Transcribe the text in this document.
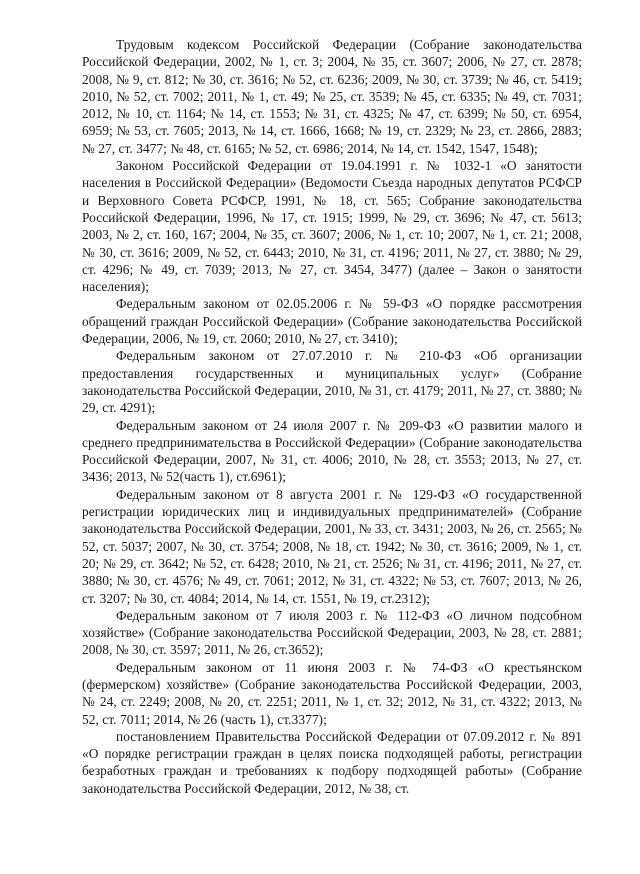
Трудовым кодексом Российской Федерации (Собрание законодательства Российской Федерации, 2002, № 1, ст. 3; 2004, № 35, ст. 3607; 2006, № 27, ст. 2878; 2008, № 9, ст. 812; № 30, ст. 3616; № 52, ст. 6236; 2009, № 30, ст. 3739; № 46, ст. 5419; 2010, № 52, ст. 7002; 2011, № 1, ст. 49; № 25, ст. 3539; № 45, ст. 6335; № 49, ст. 7031; 2012, № 10, ст. 1164; № 14, ст. 1553; № 31, ст. 4325; № 47, ст. 6399; № 50, ст. 6954, 6959; № 53, ст. 7605; 2013, № 14, ст. 1666, 1668; № 19, ст. 2329; № 23, ст. 2866, 2883; № 27, ст. 3477; № 48, ст. 6165; № 52, ст. 6986; 2014, № 14, ст. 1542, 1547, 1548);

Законом Российской Федерации от 19.04.1991 г. № 1032-1 «О занятости населения в Российской Федерации» (Ведомости Съезда народных депутатов РСФСР и Верховного Совета РСФСР, 1991, № 18, ст. 565; Собрание законодательства Российской Федерации, 1996, № 17, ст. 1915; 1999, № 29, ст. 3696; № 47, ст. 5613; 2003, № 2, ст. 160, 167; 2004, № 35, ст. 3607; 2006, № 1, ст. 10; 2007, № 1, ст. 21; 2008, № 30, ст. 3616; 2009, № 52, ст. 6443; 2010, № 31, ст. 4196; 2011, № 27, ст. 3880; № 29, ст. 4296; № 49, ст. 7039; 2013, № 27, ст. 3454, 3477) (далее – Закон о занятости населения);

Федеральным законом от 02.05.2006 г. № 59-ФЗ «О порядке рассмотрения обращений граждан Российской Федерации» (Собрание законодательства Российской Федерации, 2006, № 19, ст. 2060; 2010, № 27, ст. 3410);

Федеральным законом от 27.07.2010 г. № 210-ФЗ «Об организации предоставления государственных и муниципальных услуг» (Собрание законодательства Российской Федерации, 2010, № 31, ст. 4179; 2011, № 27, ст. 3880; № 29, ст. 4291);

Федеральным законом от 24 июля 2007 г. № 209-ФЗ «О развитии малого и среднего предпринимательства в Российской Федерации» (Собрание законодательства Российской Федерации, 2007, № 31, ст. 4006; 2010, № 28, ст. 3553; 2013, № 27, ст. 3436; 2013, № 52(часть 1), ст.6961);

Федеральным законом от 8 августа 2001 г. № 129-ФЗ «О государственной регистрации юридических лиц и индивидуальных предпринимателей» (Собрание законодательства Российской Федерации, 2001, № 33, ст. 3431; 2003, № 26, ст. 2565; № 52, ст. 5037; 2007, № 30, ст. 3754; 2008, № 18, ст. 1942; № 30, ст. 3616; 2009, № 1, ст. 20; № 29, ст. 3642; № 52, ст. 6428; 2010, № 21, ст. 2526; № 31, ст. 4196; 2011, № 27, ст. 3880; № 30, ст. 4576; № 49, ст. 7061; 2012, № 31, ст. 4322; № 53, ст. 7607; 2013, № 26, ст. 3207; № 30, ст. 4084; 2014, № 14, ст. 1551, № 19, ст.2312);

Федеральным законом от 7 июля 2003 г. № 112-ФЗ «О личном подсобном хозяйстве» (Собрание законодательства Российской Федерации, 2003, № 28, ст. 2881; 2008, № 30, ст. 3597; 2011, № 26, ст.3652);

Федеральным законом от 11 июня 2003 г. № 74-ФЗ «О крестьянском (фермерском) хозяйстве» (Собрание законодательства Российской Федерации, 2003, № 24, ст. 2249; 2008, № 20, ст. 2251; 2011, № 1, ст. 32; 2012, № 31, ст. 4322; 2013, № 52, ст. 7011; 2014, № 26 (часть 1), ст.3377);

постановлением Правительства Российской Федерации от 07.09.2012 г. № 891 «О порядке регистрации граждан в целях поиска подходящей работы, регистрации безработных граждан и требованиях к подбору подходящей работы» (Собрание законодательства Российской Федерации, 2012, № 38, ст.
